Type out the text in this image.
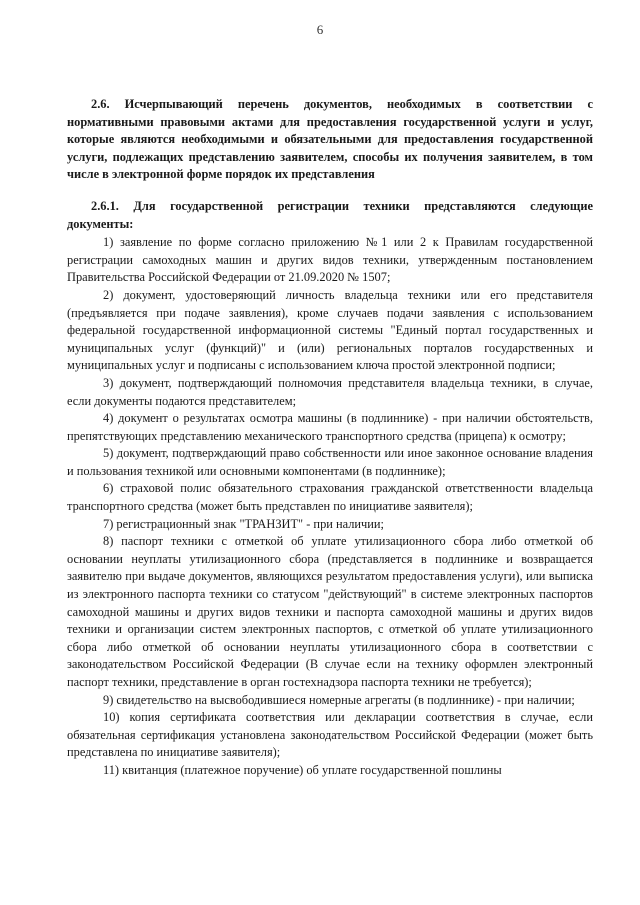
6

2.6. Исчерпывающий перечень документов, необходимых в соответствии с нормативными правовыми актами для предоставления государственной услуги и услуг, которые являются необходимыми и обязательными для предоставления государственной услуги, подлежащих представлению заявителем, способы их получения заявителем, в том числе в электронной форме порядок их представления

2.6.1. Для государственной регистрации техники представляются следующие документы:

1) заявление по форме согласно приложению №1 или 2 к Правилам государственной регистрации самоходных машин и других видов техники, утвержденным постановлением Правительства Российской Федерации от 21.09.2020 № 1507;

2) документ, удостоверяющий личность владельца техники или его представителя (предъявляется при подаче заявления), кроме случаев подачи заявления с использованием федеральной государственной информационной системы "Единый портал государственных и муниципальных услуг (функций)" и (или) региональных порталов государственных и муниципальных услуг и подписаны с использованием ключа простой электронной подписи;

3) документ, подтверждающий полномочия представителя владельца техники, в случае, если документы подаются представителем;

4) документ о результатах осмотра машины (в подлиннике) - при наличии обстоятельств, препятствующих представлению механического транспортного средства (прицепа) к осмотру;

5) документ, подтверждающий право собственности или иное законное основание владения и пользования техникой или основными компонентами (в подлиннике);

6) страховой полис обязательного страхования гражданской ответственности владельца транспортного средства (может быть представлен по инициативе заявителя);

7) регистрационный знак "ТРАНЗИТ" - при наличии;

8) паспорт техники с отметкой об уплате утилизационного сбора либо отметкой об основании неуплаты утилизационного сбора (представляется в подлиннике и возвращается заявителю при выдаче документов, являющихся результатом предоставления услуги), или выписка из электронного паспорта техники со статусом "действующий" в системе электронных паспортов самоходной машины и других видов техники и паспорта самоходной машины и других видов техники и организации систем электронных паспортов, с отметкой об уплате утилизационного сбора либо отметкой об основании неуплаты утилизационного сбора в соответствии с законодательством Российской Федерации (В случае если на технику оформлен электронный паспорт техники, представление в орган гостехнадзора паспорта техники не требуется);

9) свидетельство на высвободившиеся номерные агрегаты (в подлиннике) - при наличии;

10) копия сертификата соответствия или декларации соответствия в случае, если обязательная сертификация установлена законодательством Российской Федерации (может быть представлена по инициативе заявителя);

11) квитанция (платежное поручение) об уплате государственной пошлины
